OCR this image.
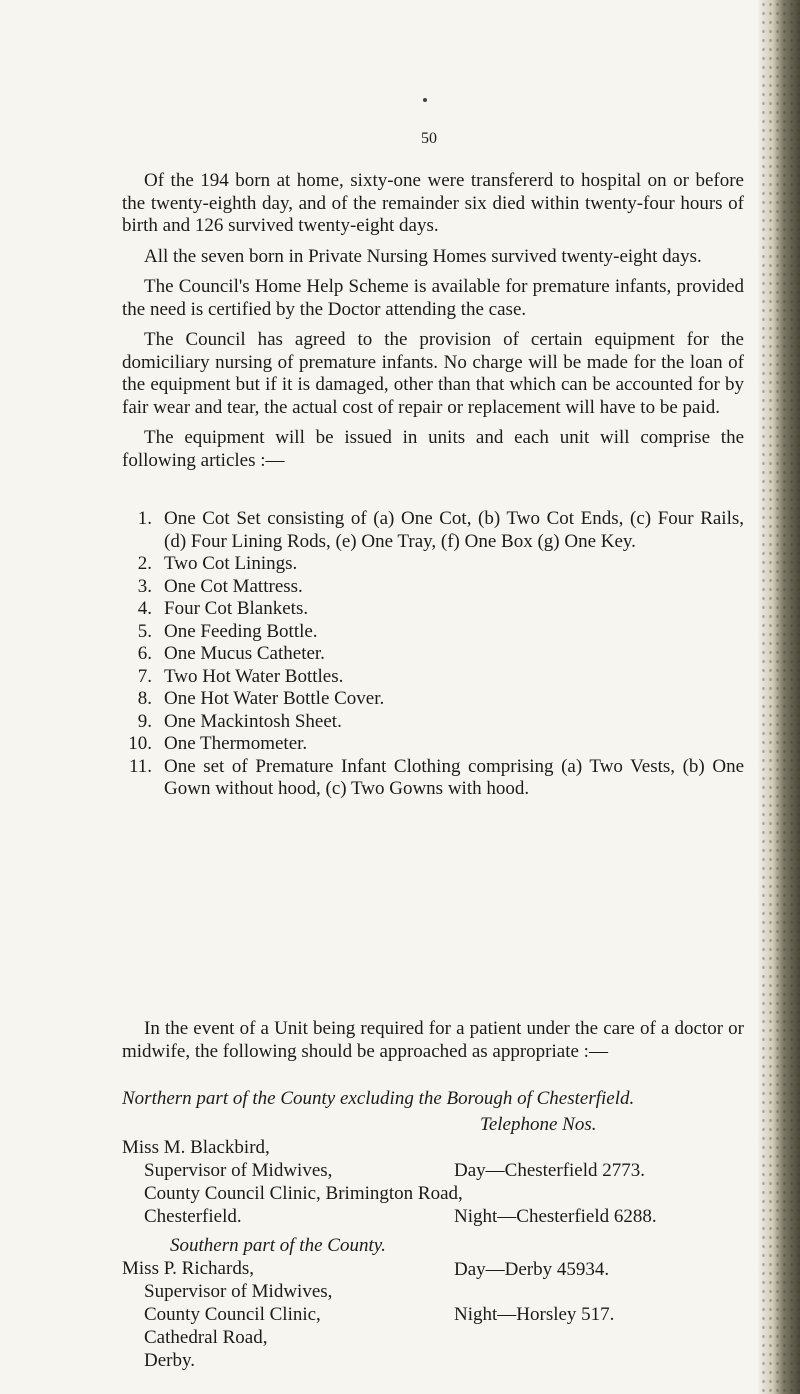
50

Of the 194 born at home, sixty-one were transfererd to hospital on or before the twenty-eighth day, and of the remainder six died within twenty-four hours of birth and 126 survived twenty-eight days.

All the seven born in Private Nursing Homes survived twenty-eight days.

The Council's Home Help Scheme is available for premature infants, provided the need is certified by the Doctor attending the case.

The Council has agreed to the provision of certain equipment for the domiciliary nursing of premature infants. No charge will be made for the loan of the equipment but if it is damaged, other than that which can be accounted for by fair wear and tear, the actual cost of repair or replacement will have to be paid.

The equipment will be issued in units and each unit will comprise the following articles :—

1. One Cot Set consisting of (a) One Cot, (b) Two Cot Ends, (c) Four Rails, (d) Four Lining Rods, (e) One Tray, (f) One Box (g) One Key.
2. Two Cot Linings.
3. One Cot Mattress.
4. Four Cot Blankets.
5. One Feeding Bottle.
6. One Mucus Catheter.
7. Two Hot Water Bottles.
8. One Hot Water Bottle Cover.
9. One Mackintosh Sheet.
10. One Thermometer.
11. One set of Premature Infant Clothing comprising (a) Two Vests, (b) One Gown without hood, (c) Two Gowns with hood.

In the event of a Unit being required for a patient under the care of a doctor or midwife, the following should be approached as appropriate :—

Northern part of the County excluding the Borough of Chesterfield.
Telephone Nos.
Miss M. Blackbird,
Supervisor of Midwives,	Day—Chesterfield 2773.
County Council Clinic, Brimington Road,
Chesterfield.	Night—Chesterfield 6288.
Southern part of the County.
Miss P. Richards,	Day—Derby 45934.
Supervisor of Midwives,
County Council Clinic,	Night—Horsley 517.
Cathedral Road,
Derby.
